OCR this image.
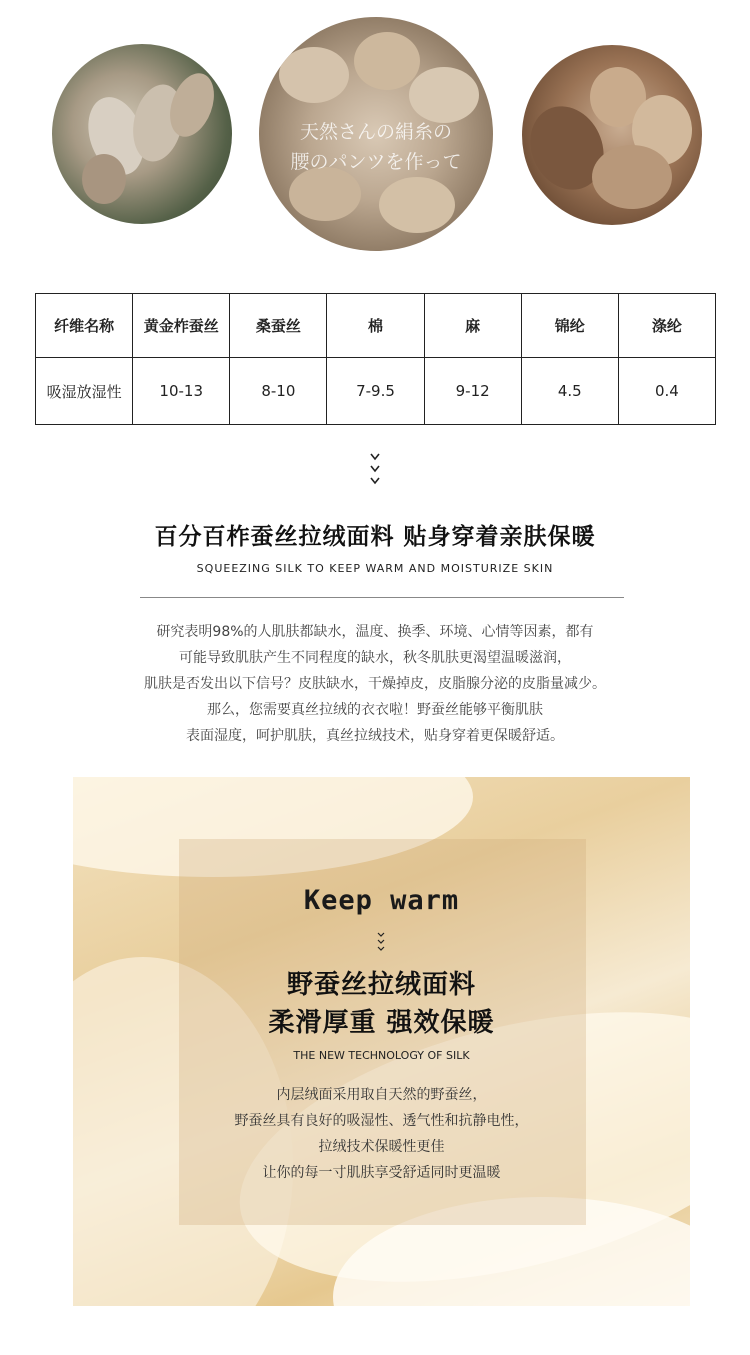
天然さんの絹糸の
腰のパンツを作って
纤维名称	黄金柞蚕丝	桑蚕丝	棉	麻	锦纶	涤纶
吸湿放湿性	10-13	8-10	7-9.5	9-12	4.5	0.4
百分百柞蚕丝拉绒面料 贴身穿着亲肤保暖
SQUEEZING SILK TO KEEP WARM AND MOISTURIZE SKIN
研究表明98%的人肌肤都缺水，温度、换季、环境、心情等因素，都有
可能导致肌肤产生不同程度的缺水，秋冬肌肤更渴望温暖滋润，
肌肤是否发出以下信号？皮肤缺水，干燥掉皮，皮脂腺分泌的皮脂量减少。
那么，您需要真丝拉绒的衣衣啦！野蚕丝能够平衡肌肤
表面湿度，呵护肌肤，真丝拉绒技术，贴身穿着更保暖舒适。
Keep warm
野蚕丝拉绒面料
柔滑厚重 强效保暖
THE NEW TECHNOLOGY OF SILK
内层绒面采用取自天然的野蚕丝，
野蚕丝具有良好的吸湿性、透气性和抗静电性，
拉绒技术保暖性更佳
让你的每一寸肌肤享受舒适同时更温暖
